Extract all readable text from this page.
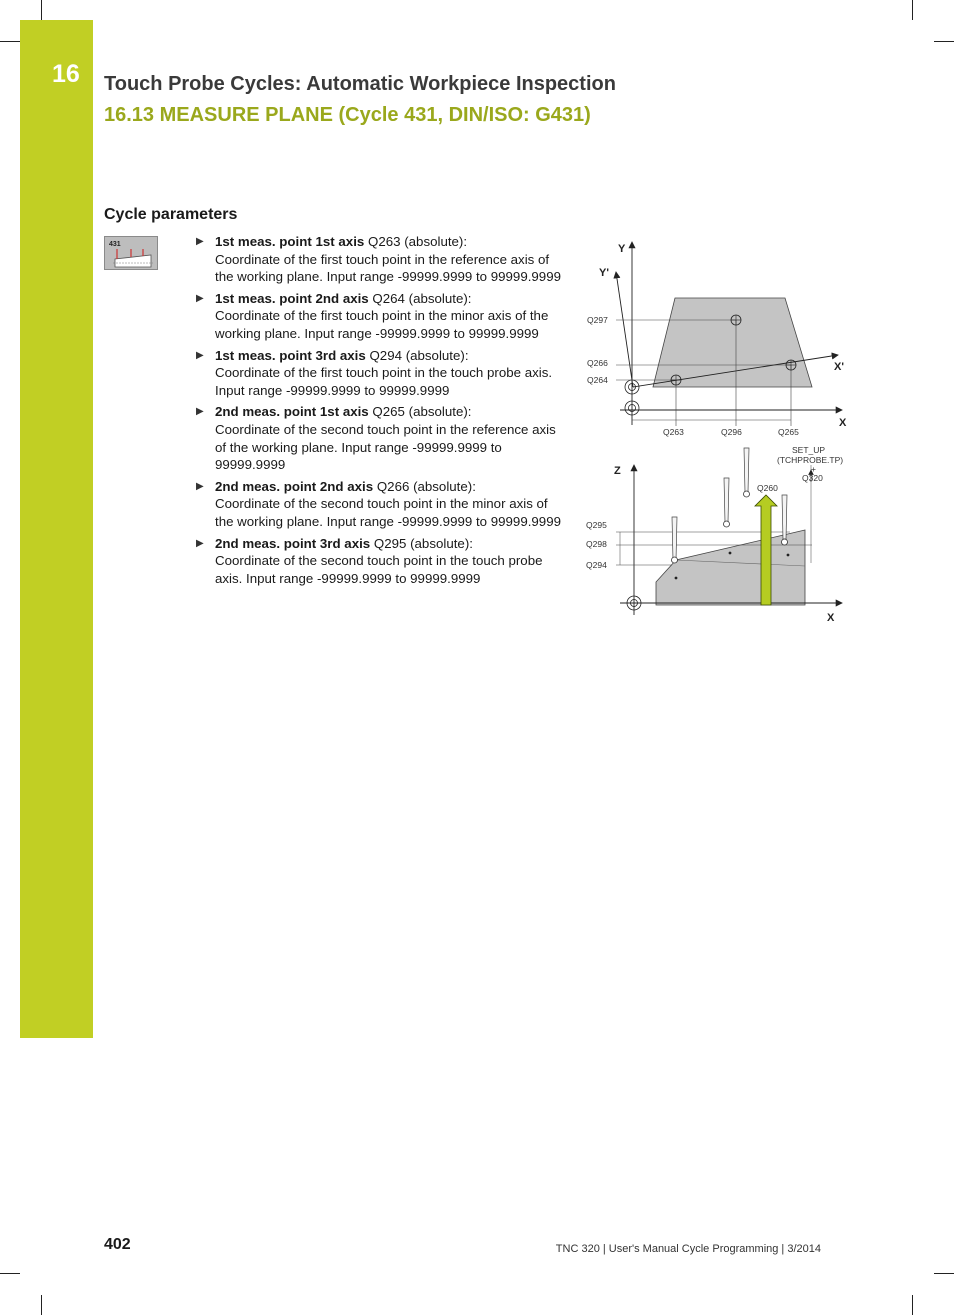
16 Touch Probe Cycles: Automatic Workpiece Inspection
16.13 MEASURE PLANE (Cycle 431, DIN/ISO: G431)
Cycle parameters
431	▶ 1st meas. point 1st axis Q263 (absolute):
Coordinate of the first touch point in the reference axis of the working plane. Input range -99999.9999 to 99999.9999
▶ 1st meas. point 2nd axis Q264 (absolute):
Coordinate of the first touch point in the minor axis of the working plane. Input range -99999.9999 to 99999.9999
▶ 1st meas. point 3rd axis Q294 (absolute):
Coordinate of the first touch point in the touch probe axis. Input range -99999.9999 to 99999.9999
▶ 2nd meas. point 1st axis Q265 (absolute):
Coordinate of the second touch point in the reference axis of the working plane. Input range -99999.9999 to 99999.9999
▶ 2nd meas. point 2nd axis Q266 (absolute):
Coordinate of the second touch point in the minor axis of the working plane. Input range -99999.9999 to 99999.9999
▶ 2nd meas. point 3rd axis Q295 (absolute):
Coordinate of the second touch point in the touch probe axis. Input range -99999.9999 to 99999.9999
Y
Y'
X
X'
Q297
Q266
Q264
Q263	Q296	Q265
Z
X
SET_UP
(TCHPROBE.TP)
+
Q320
Q260
Q295
Q298
Q294
402	TNC 320 | User's Manual Cycle Programming | 3/2014
